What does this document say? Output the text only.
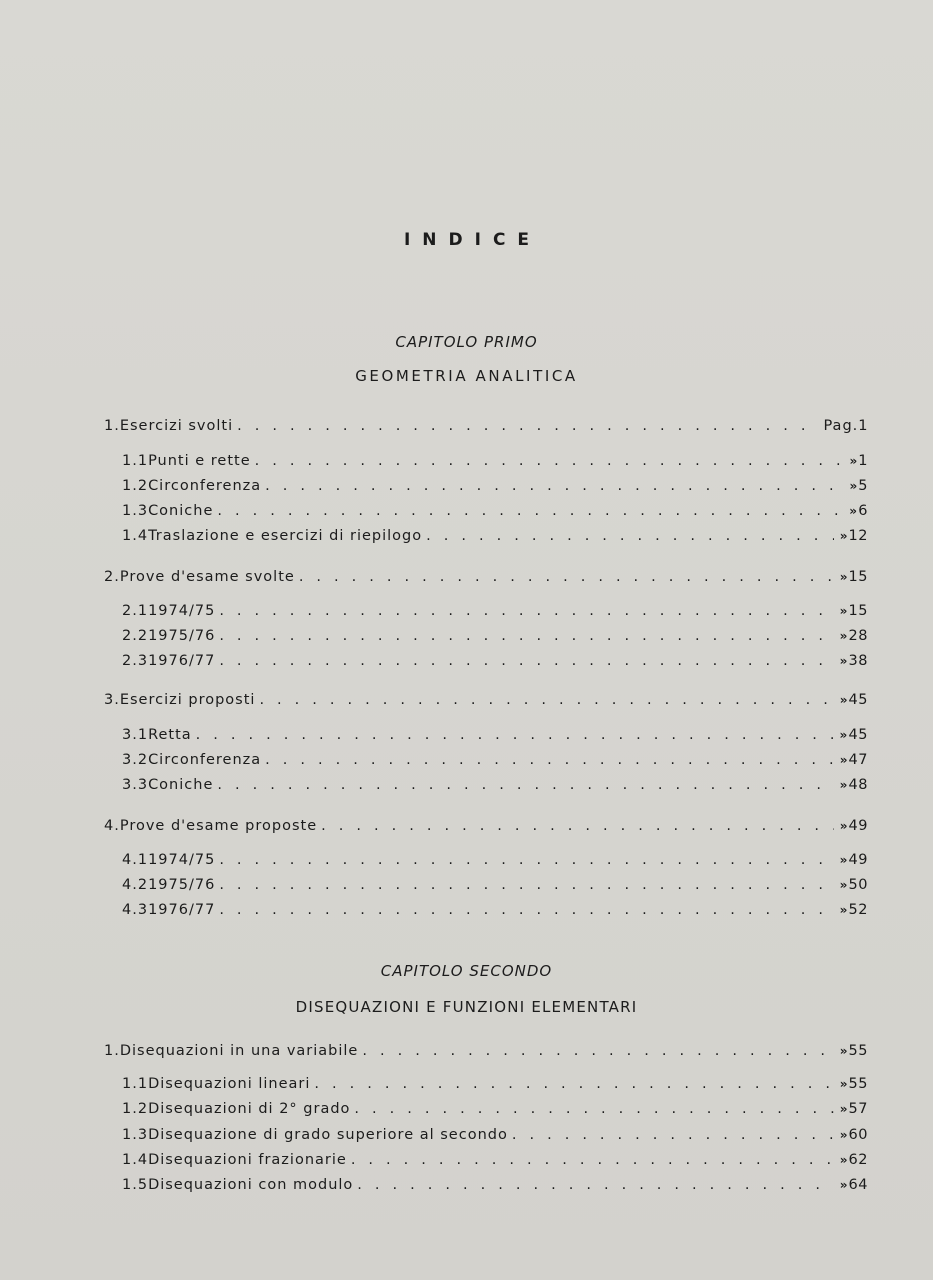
INDICE
CAPITOLO PRIMO
GEOMETRIA ANALITICA
1. Esercizi svolti . . .	Pag. 1
1.1 Punti e rette . . .	» 1
1.2 Circonferenza . . .	» 5
1.3 Coniche . . .	» 6
1.4 Traslazione e esercizi di riepilogo . . .	» 12
2. Prove d'esame svolte . . .	» 15
2.1 1974/75 . . .	» 15
2.2 1975/76 . . .	» 28
2.3 1976/77 . . .	» 38
3. Esercizi proposti . . .	» 45
3.1 Retta . . .	» 45
3.2 Circonferenza . . .	» 47
3.3 Coniche . . .	» 48
4. Prove d'esame proposte . . .	» 49
4.1 1974/75 . . .	» 49
4.2 1975/76 . . .	» 50
4.3 1976/77 . . .	» 52
CAPITOLO SECONDO
DISEQUAZIONI E FUNZIONI ELEMENTARI
1. Disequazioni in una variabile . . .	» 55
1.1 Disequazioni lineari . . .	» 55
1.2 Disequazioni di 2° grado . . .	» 57
1.3 Disequazione di grado superiore al secondo . . .	» 60
1.4 Disequazioni frazionarie . . .	» 62
1.5 Disequazioni con modulo . . .	» 64
